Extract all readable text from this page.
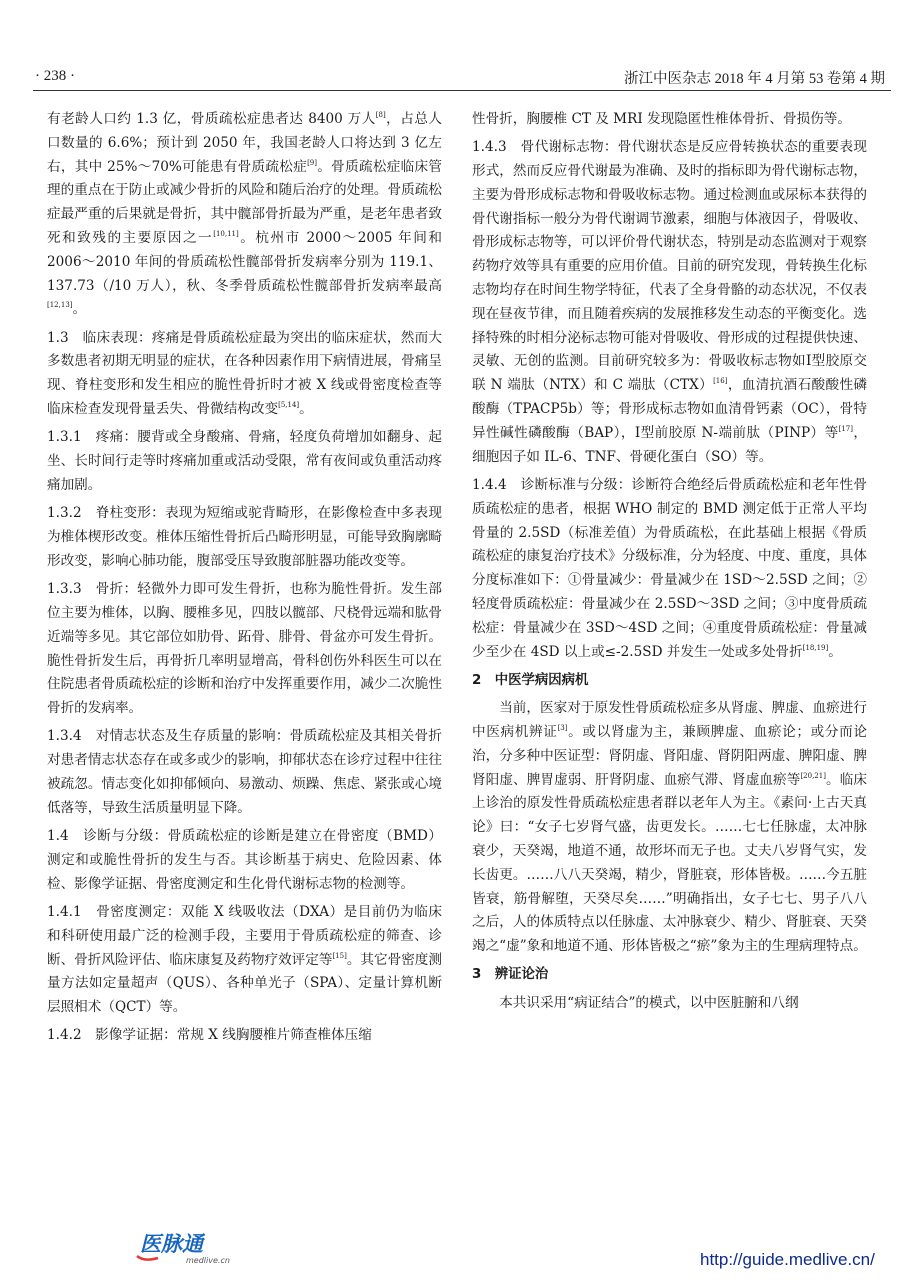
· 238 ·	浙江中医杂志 2018 年 4 月第 53 卷第 4 期

有老龄人口约 1.3 亿，骨质疏松症患者达 8400 万人[8]，占总人口数量的 6.6%；预计到 2050 年，我国老龄人口将达到 3 亿左右，其中 25%～70%可能患有骨质疏松症[9]。骨质疏松症临床管理的重点在于防止或减少骨折的风险和随后治疗的处理。骨质疏松症最严重的后果就是骨折，其中髋部骨折最为严重，是老年患者致死和致残的主要原因之一[10,11]。杭州市 2000～2005 年间和 2006～2010 年间的骨质疏松性髋部骨折发病率分别为 119.1、137.73（/10 万人），秋、冬季骨质疏松性髋部骨折发病率最高[12,13]。

1.3　临床表现：疼痛是骨质疏松症最为突出的临床症状，然而大多数患者初期无明显的症状，在各种因素作用下病情进展，骨痛呈现、脊柱变形和发生相应的脆性骨折时才被 X 线或骨密度检查等临床检查发现骨量丢失、骨微结构改变[5,14]。

1.3.1　疼痛：腰背或全身酸痛、骨痛，轻度负荷增加如翻身、起坐、长时间行走等时疼痛加重或活动受限，常有夜间或负重活动疼痛加剧。

1.3.2　脊柱变形：表现为短缩或驼背畸形，在影像检查中多表现为椎体楔形改变。椎体压缩性骨折后凸畸形明显，可能导致胸廓畸形改变，影响心肺功能，腹部受压导致腹部脏器功能改变等。

1.3.3　骨折：轻微外力即可发生骨折，也称为脆性骨折。发生部位主要为椎体，以胸、腰椎多见，四肢以髋部、尺桡骨远端和肱骨近端等多见。其它部位如肋骨、跖骨、腓骨、骨盆亦可发生骨折。脆性骨折发生后，再骨折几率明显增高，骨科创伤外科医生可以在住院患者骨质疏松症的诊断和治疗中发挥重要作用，减少二次脆性骨折的发病率。

1.3.4　对情志状态及生存质量的影响：骨质疏松症及其相关骨折对患者情志状态存在或多或少的影响，抑郁状态在诊疗过程中往往被疏忽。情志变化如抑郁倾向、易激动、烦躁、焦虑、紧张或心境低落等，导致生活质量明显下降。

1.4　诊断与分级：骨质疏松症的诊断是建立在骨密度（BMD）测定和或脆性骨折的发生与否。其诊断基于病史、危险因素、体检、影像学证据、骨密度测定和生化骨代谢标志物的检测等。

1.4.1　骨密度测定：双能 X 线吸收法（DXA）是目前仍为临床和科研使用最广泛的检测手段，主要用于骨质疏松症的筛查、诊断、骨折风险评估、临床康复及药物疗效评定等[15]。其它骨密度测量方法如定量超声（QUS）、各种单光子（SPA）、定量计算机断层照相术（QCT）等。

1.4.2　影像学证据：常规 X 线胸腰椎片筛查椎体压缩

性骨折，胸腰椎 CT 及 MRI 发现隐匿性椎体骨折、骨损伤等。

1.4.3　骨代谢标志物：骨代谢状态是反应骨转换状态的重要表现形式，然而反应骨代谢最为准确、及时的指标即为骨代谢标志物，主要为骨形成标志物和骨吸收标志物。通过检测血或尿标本获得的骨代谢指标一般分为骨代谢调节激素，细胞与体液因子，骨吸收、骨形成标志物等，可以评价骨代谢状态，特别是动态监测对于观察药物疗效等具有重要的应用价值。目前的研究发现，骨转换生化标志物均存在时间生物学特征，代表了全身骨骼的动态状况，不仅表现在昼夜节律，而且随着疾病的发展推移发生动态的平衡变化。选择特殊的时相分泌标志物可能对骨吸收、骨形成的过程提供快速、灵敏、无创的监测。目前研究较多为：骨吸收标志物如Ⅰ型胶原交联 N 端肽（NTX）和 C 端肽（CTX）[16]，血清抗酒石酸酸性磷酸酶（TPACP5b）等；骨形成标志物如血清骨钙素（OC），骨特异性碱性磷酸酶（BAP），Ⅰ型前胶原 N-端前肽（PINP）等[17]，细胞因子如 IL-6、TNF、骨硬化蛋白（SO）等。

1.4.4　诊断标准与分级：诊断符合绝经后骨质疏松症和老年性骨质疏松症的患者，根据 WHO 制定的 BMD 测定低于正常人平均骨量的 2.5SD（标准差值）为骨质疏松，在此基础上根据《骨质疏松症的康复治疗技术》分级标准，分为轻度、中度、重度，具体分度标准如下：①骨量减少：骨量减少在 1SD～2.5SD 之间；②轻度骨质疏松症：骨量减少在 2.5SD～3SD 之间；③中度骨质疏松症：骨量减少在 3SD～4SD 之间；④重度骨质疏松症：骨量减少至少在 4SD 以上或≤-2.5SD 并发生一处或多处骨折[18,19]。

2　中医学病因病机

当前，医家对于原发性骨质疏松症多从肾虚、脾虚、血瘀进行中医病机辨证[3]。或以肾虚为主，兼顾脾虚、血瘀论；或分而论治，分多种中医证型：肾阴虚、肾阳虚、肾阴阳两虚、脾阳虚、脾肾阳虚、脾胃虚弱、肝肾阴虚、血瘀气滞、肾虚血瘀等[20,21]。临床上诊治的原发性骨质疏松症患者群以老年人为主。《素问·上古天真论》曰：“女子七岁肾气盛，齿更发长。……七七任脉虚，太冲脉衰少，天癸竭，地道不通，故形坏而无子也。丈夫八岁肾气实，发长齿更。……八八天癸竭，精少，肾脏衰，形体皆极。……今五脏皆衰，筋骨解堕，天癸尽矣……”明确指出，女子七七、男子八八之后，人的体质特点以任脉虚、太冲脉衰少、精少、肾脏衰、天癸竭之“虚”象和地道不通、形体皆极之“瘀”象为主的生理病理特点。

3　辨证论治

本共识采用“病证结合”的模式，以中医脏腑和八纲

医脉通
medlive.cn	http://guide.medlive.cn/
